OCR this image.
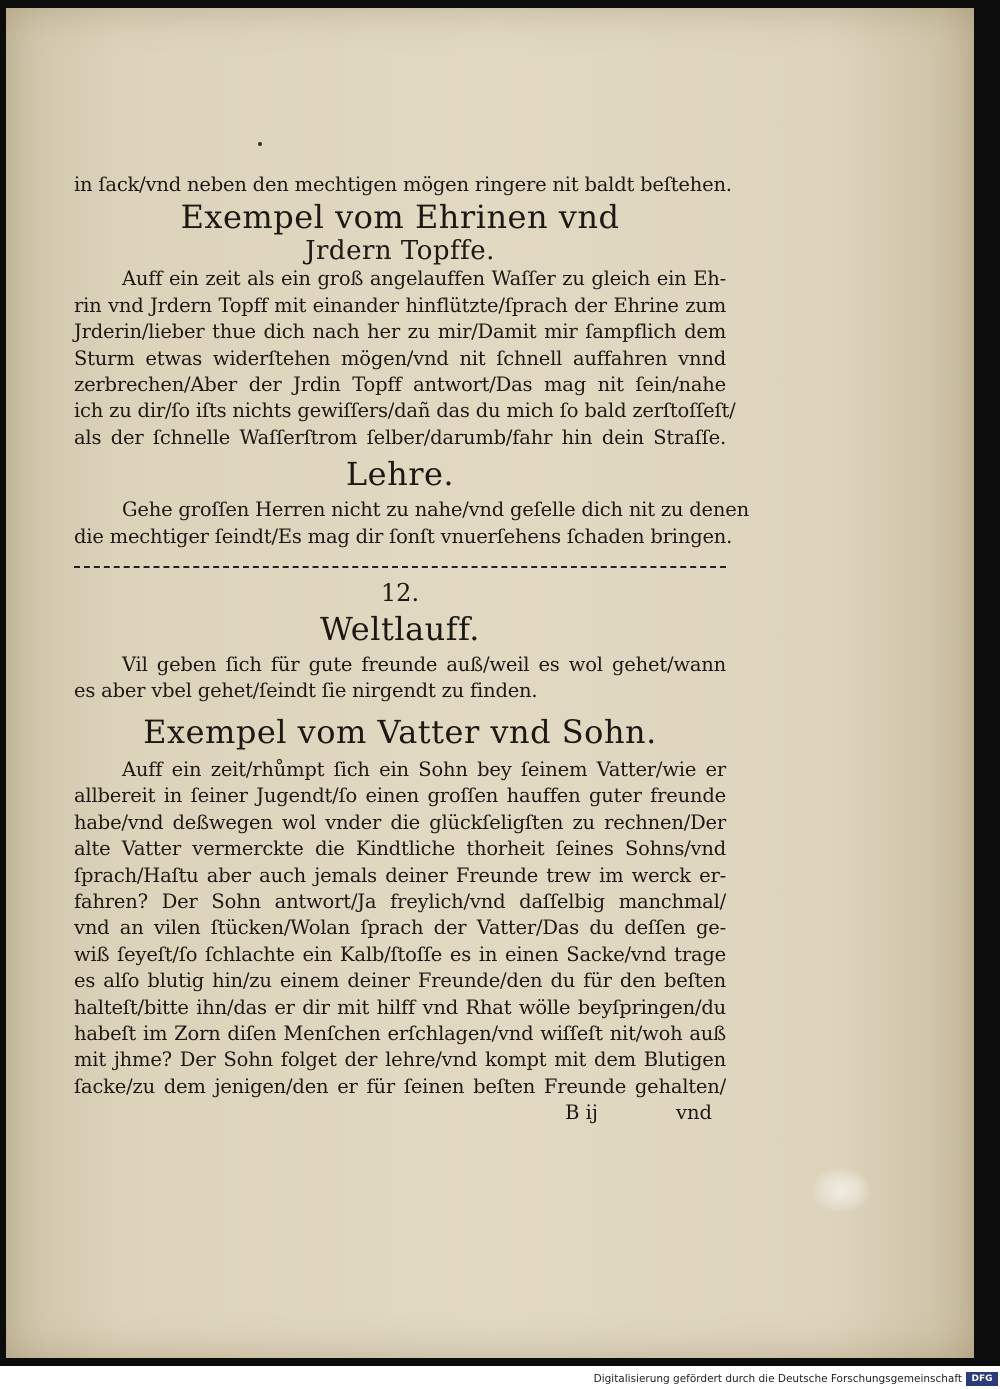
in ſack/vnd neben den mechtigen mögen ringere nit baldt beſtehen.
Exempel vom Ehrinen vnd
Jrdern Topffe.
Auff ein zeit als ein groß angelauffen Waſſer zu gleich ein Eh-
rin vnd Jrdern Topff mit einander hinflützte/ſprach der Ehrine zum
Jrderin/lieber thue dich nach her zu mir/Damit mir ſampflich dem
Sturm etwas widerſtehen mögen/vnd nit ſchnell auffahren vnnd
zerbrechen/Aber der Jrdin Topff antwort/Das mag nit ſein/nahe
ich zu dir/ſo iſts nichts gewiſſers/dañ das du mich ſo bald zerſtoſſeſt/
als der ſchnelle Waſſerſtrom ſelber/darumb/fahr hin dein Straſſe.
Lehre.
Gehe groſſen Herren nicht zu nahe/vnd geſelle dich nit zu denen
die mechtiger ſeindt/Es mag dir ſonſt vnuerſehens ſchaden bringen.
12.
Weltlauff.
Vil geben ſich für gute freunde auß/weil es wol gehet/wann
es aber vbel gehet/ſeindt ſie nirgendt zu finden.
Exempel vom Vatter vnd Sohn.
Auff ein zeit/rhůmpt ſich ein Sohn bey ſeinem Vatter/wie er
allbereit in ſeiner Jugendt/ſo einen groſſen hauffen guter freunde
habe/vnd deßwegen wol vnder die glückſeligſten zu rechnen/Der
alte Vatter vermerckte die Kindtliche thorheit ſeines Sohns/vnd
ſprach/Haſtu aber auch jemals deiner Freunde trew im werck er-
fahren? Der Sohn antwort/Ja freylich/vnd daſſelbig manchmal/
vnd an vilen ſtücken/Wolan ſprach der Vatter/Das du deſſen ge-
wiß ſeyeſt/ſo ſchlachte ein Kalb/ſtoſſe es in einen Sacke/vnd trage
es alſo blutig hin/zu einem deiner Freunde/den du für den beſten
halteſt/bitte ihn/das er dir mit hilff vnd Rhat wölle beyſpringen/du
habeſt im Zorn diſen Menſchen erſchlagen/vnd wiſſeſt nit/woh auß
mit jhme? Der Sohn folget der lehre/vnd kompt mit dem Blutigen
ſacke/zu dem jenigen/den er für ſeinen beſten Freunde gehalten/
B ij	vnd
Digitalisierung gefördert durch die Deutsche Forschungsgemeinschaft	DFG
